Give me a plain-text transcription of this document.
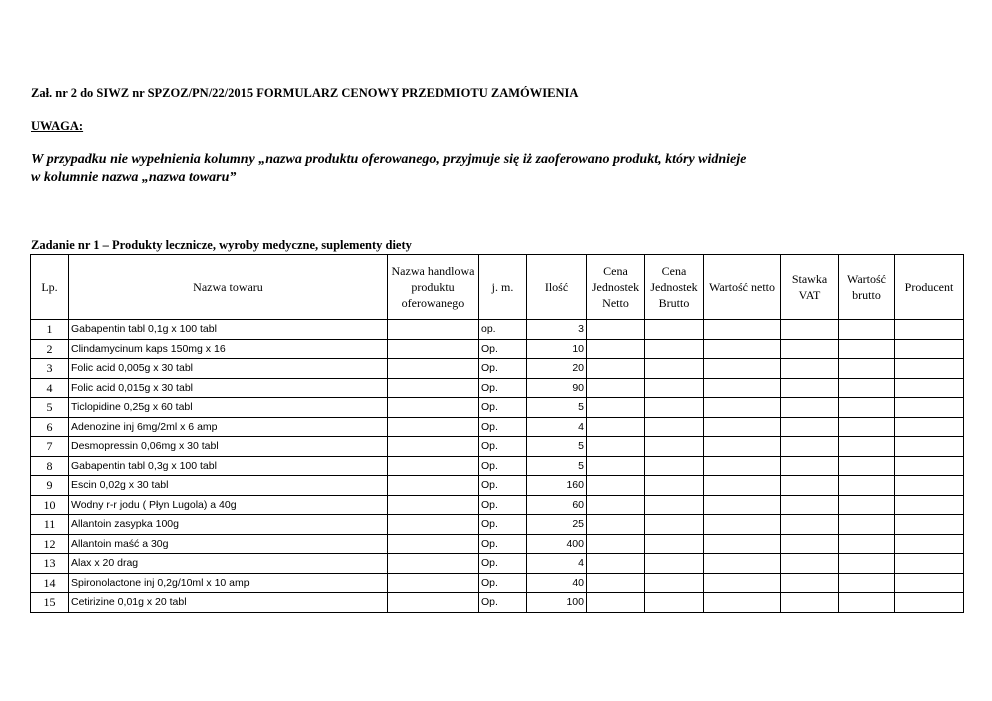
Zał. nr 2 do SIWZ nr SPZOZ/PN/22/2015 FORMULARZ CENOWY PRZEDMIOTU ZAMÓWIENIA
UWAGA:
W przypadku nie wypełnienia kolumny „nazwa produktu oferowanego, przyjmuje się iż zaoferowano produkt, który widnieje w kolumnie nazwa „nazwa towaru”
Zadanie nr 1 – Produkty lecznicze, wyroby medyczne, suplementy diety
Lp.	Nazwa towaru	Nazwa handlowa produktu oferowanego	j. m.	Ilość	Cena Jednostek Netto	Cena Jednostek Brutto	Wartość netto	Stawka VAT	Wartość brutto	Producent
1	Gabapentin tabl 0,1g x 100 tabl		op.	3						
2	Clindamycinum kaps 150mg x 16		Op.	10						
3	Folic acid 0,005g x 30 tabl		Op.	20						
4	Folic acid 0,015g x 30 tabl		Op.	90						
5	Ticlopidine 0,25g x 60 tabl		Op.	5						
6	Adenozine inj 6mg/2ml x 6 amp		Op.	4						
7	Desmopressin 0,06mg x 30 tabl		Op.	5						
8	Gabapentin tabl 0,3g x 100 tabl		Op.	5						
9	Escin 0,02g x 30 tabl		Op.	160						
10	Wodny r-r jodu ( Płyn Lugola) a 40g		Op.	60						
11	Allantoin zasypka 100g		Op.	25						
12	Allantoin maść a 30g		Op.	400						
13	Alax x 20 drag		Op.	4						
14	Spironolactone inj 0,2g/10ml x 10 amp		Op.	40						
15	Cetirizine 0,01g x 20 tabl		Op.	100						
